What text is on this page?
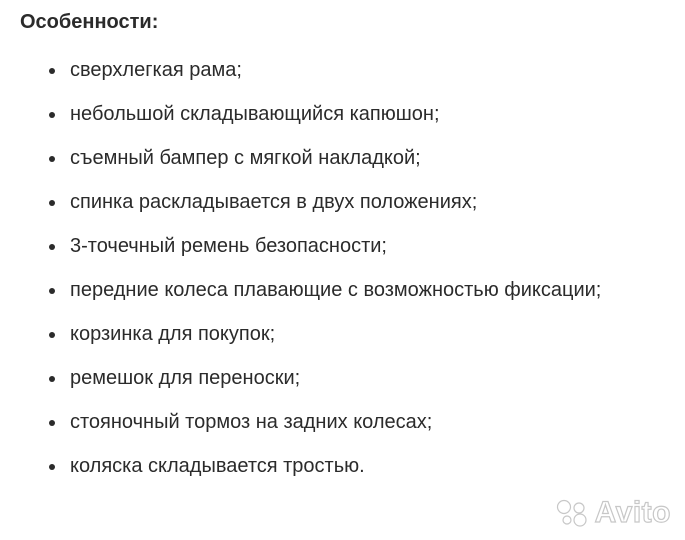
Особенности:
сверхлегкая рама;
небольшой складывающийся капюшон;
съемный бампер с мягкой накладкой;
спинка раскладывается в двух положениях;
3-точечный ремень безопасности;
передние колеса плавающие с возможностью фиксации;
корзинка для покупок;
ремешок для переноски;
стояночный тормоз на задних колесах;
коляска складывается тростью.
Avito
